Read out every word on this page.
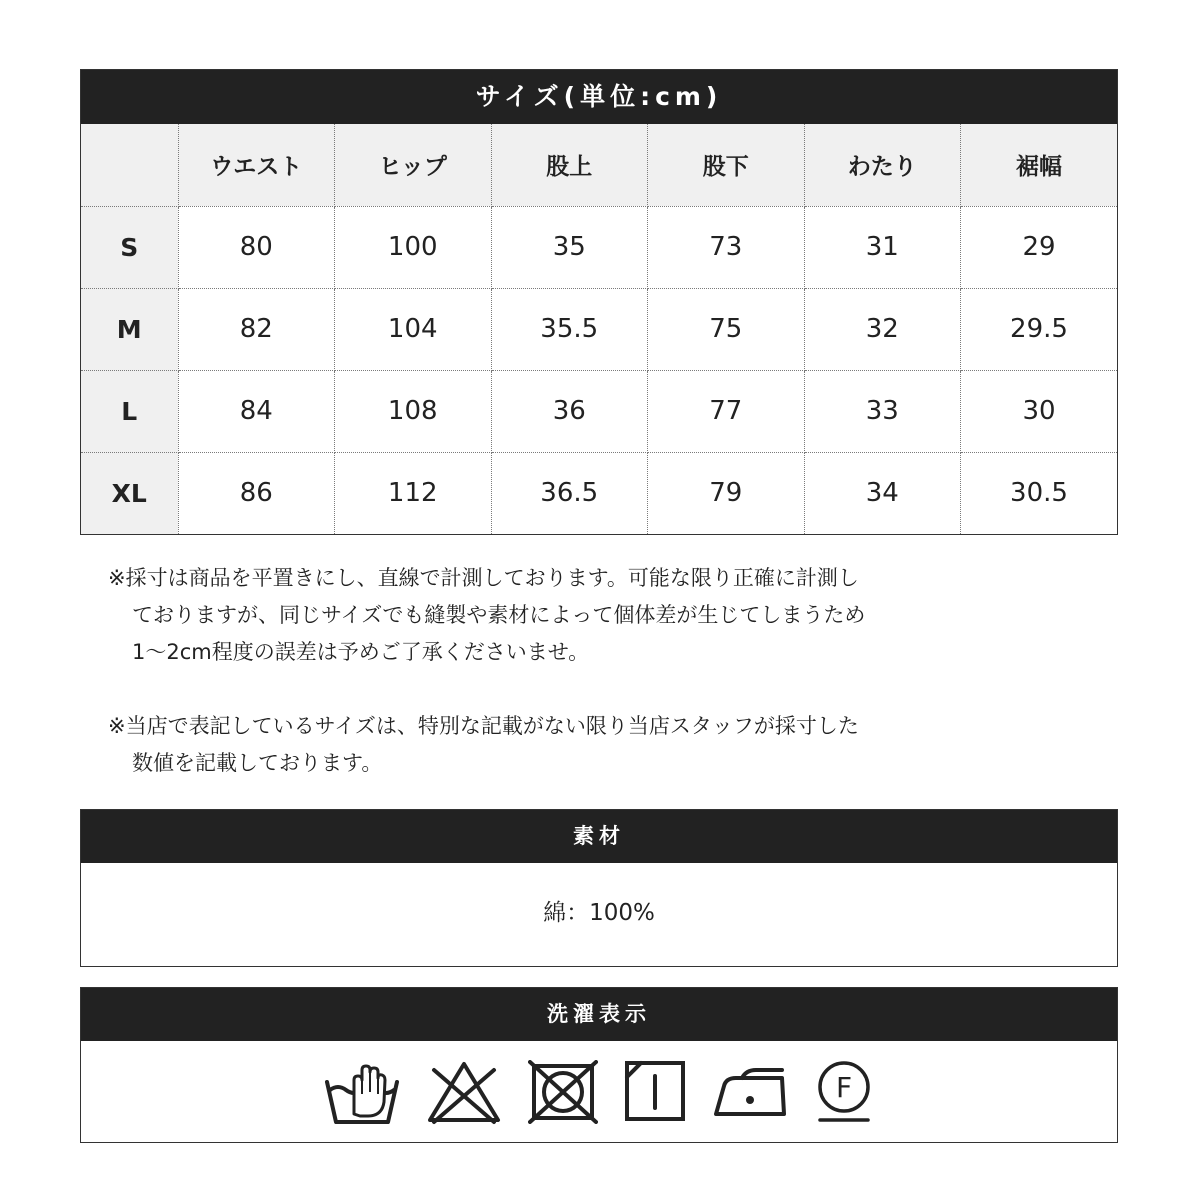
サイズ(単位:cm)
	ウエスト	ヒップ	股上	股下	わたり	裾幅
S	80	100	35	73	31	29
M	82	104	35.5	75	32	29.5
L	84	108	36	77	33	30
XL	86	112	36.5	79	34	30.5
※採寸は商品を平置きにし、直線で計測しております。可能な限り正確に計測し
ておりますが、同じサイズでも縫製や素材によって個体差が生じてしまうため
1〜2cm程度の誤差は予めご了承くださいませ。
※当店で表記しているサイズは、特別な記載がない限り当店スタッフが採寸した
数値を記載しております。
素材
綿：100%
洗濯表示
F
